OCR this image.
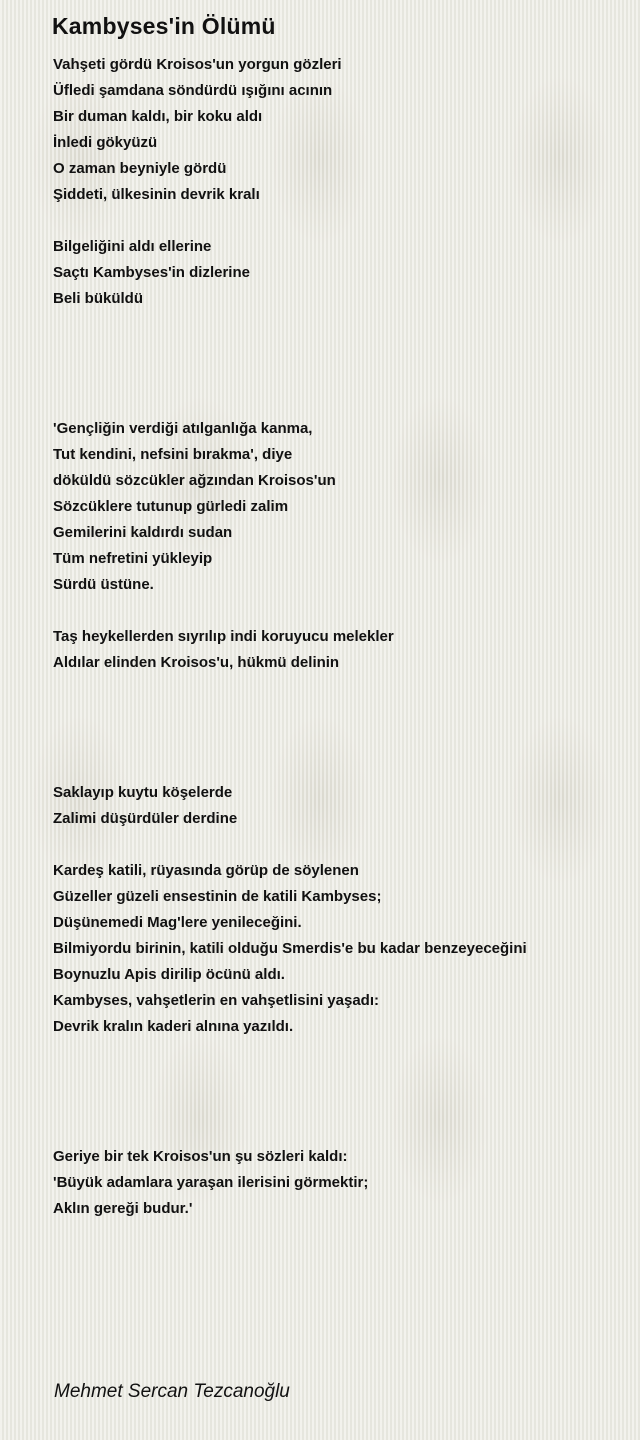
Kambyses'in Ölümü
Vahşeti gördü Kroisos'un yorgun gözleri
Üfledi şamdana söndürdü ışığını acının
Bir duman kaldı, bir koku aldı
İnledi gökyüzü
O zaman beyniyle gördü
Şiddeti, ülkesinin devrik kralı
Bilgeliğini aldı ellerine
Saçtı Kambyses'in dizlerine
Beli büküldü
'Gençliğin verdiği atılganlığa kanma,
Tut kendini, nefsini bırakma', diye
döküldü sözcükler ağzından Kroisos'un
Sözcüklere tutunup gürledi zalim
Gemilerini kaldırdı sudan
Tüm nefretini yükleyip
Sürdü üstüne.
Taş heykellerden sıyrılıp indi koruyucu melekler
Aldılar elinden Kroisos'u, hükmü delinin
Saklayıp kuytu köşelerde
Zalimi düşürdüler derdine
Kardeş katili, rüyasında görüp de söylenen
Güzeller güzeli ensestinin de katili Kambyses;
Düşünemedi Mag'lere yenileceğini.
Bilmiyordu birinin, katili olduğu Smerdis'e bu kadar benzeyeceğini
Boynuzlu Apis dirilip öcünü aldı.
Kambyses, vahşetlerin en vahşetlisini yaşadı:
Devrik kralın kaderi alnına yazıldı.
Geriye bir tek Kroisos'un şu sözleri kaldı:
'Büyük adamlara yaraşan ilerisini görmektir;
Aklın gereği budur.'
Mehmet Sercan Tezcanoğlu
